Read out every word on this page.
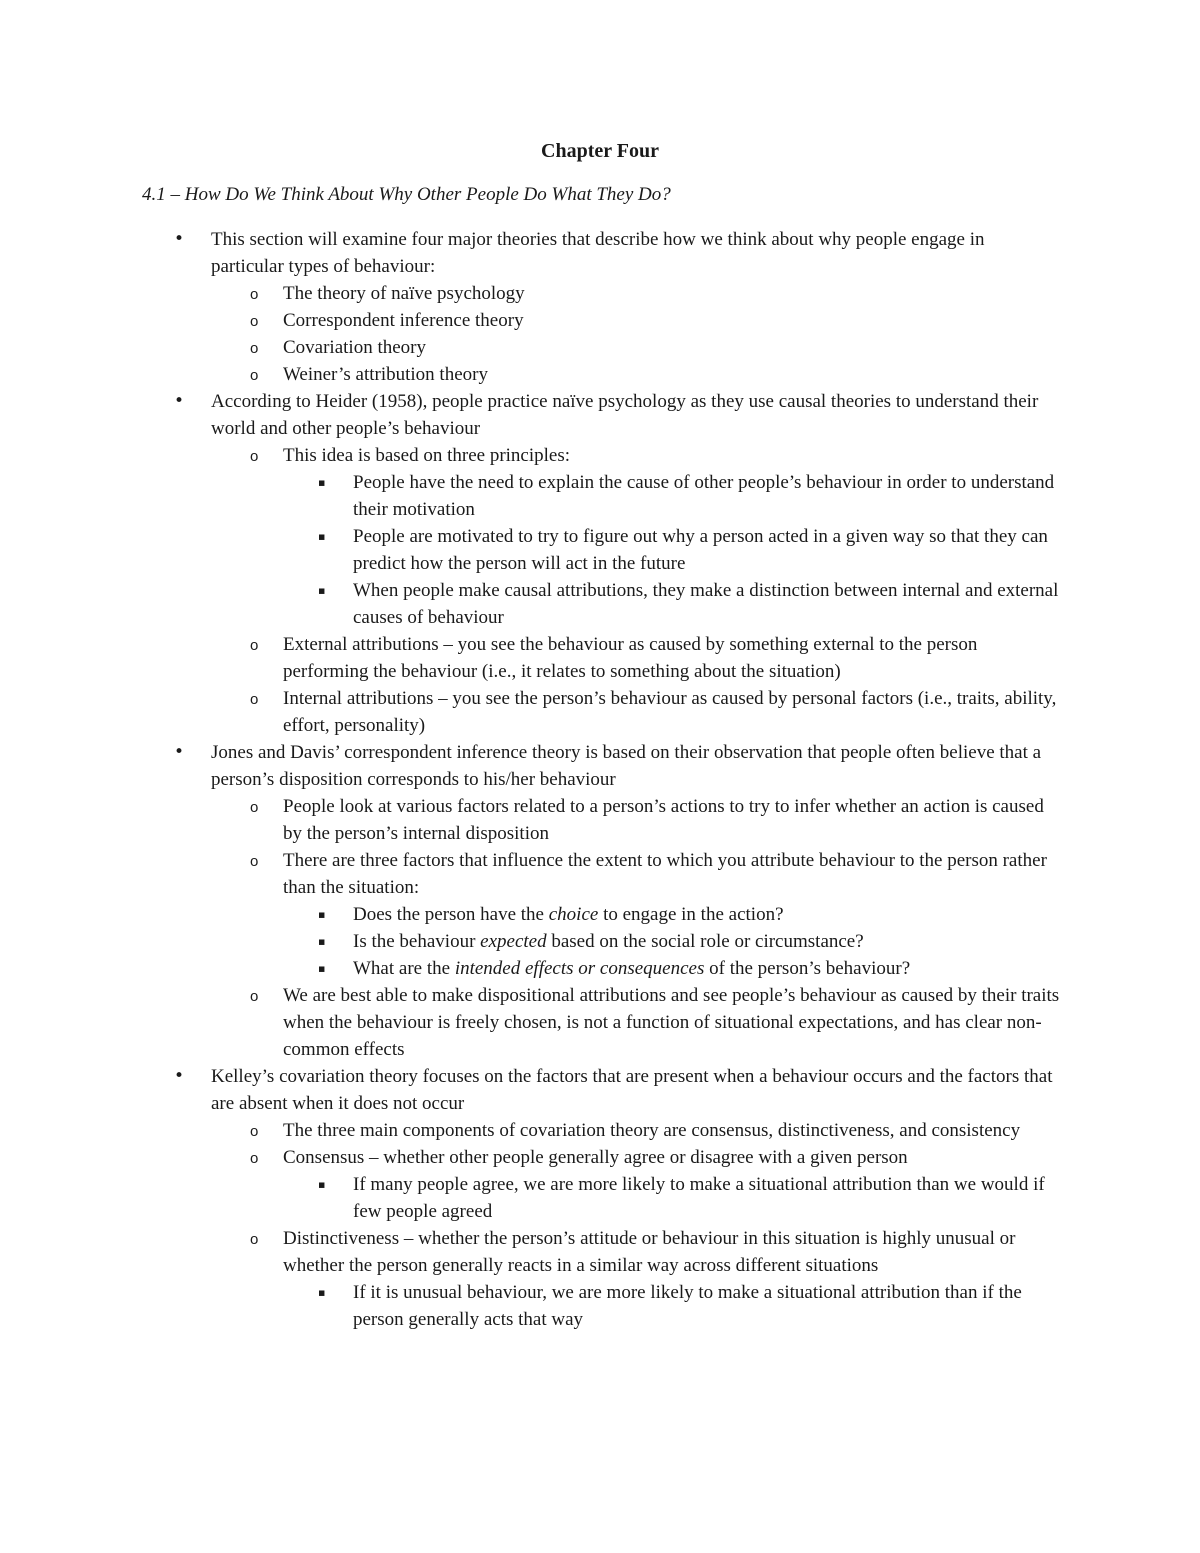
Chapter Four
4.1 – How Do We Think About Why Other People Do What They Do?
• This section will examine four major theories that describe how we think about why people engage in particular types of behaviour:
o The theory of naïve psychology
o Correspondent inference theory
o Covariation theory
o Weiner’s attribution theory
• According to Heider (1958), people practice naïve psychology as they use causal theories to understand their world and other people’s behaviour
o This idea is based on three principles:
▪ People have the need to explain the cause of other people’s behaviour in order to understand their motivation
▪ People are motivated to try to figure out why a person acted in a given way so that they can predict how the person will act in the future
▪ When people make causal attributions, they make a distinction between internal and external causes of behaviour
o External attributions – you see the behaviour as caused by something external to the person performing the behaviour (i.e., it relates to something about the situation)
o Internal attributions – you see the person’s behaviour as caused by personal factors (i.e., traits, ability, effort, personality)
• Jones and Davis’ correspondent inference theory is based on their observation that people often believe that a person’s disposition corresponds to his/her behaviour
o People look at various factors related to a person’s actions to try to infer whether an action is caused by the person’s internal disposition
o There are three factors that influence the extent to which you attribute behaviour to the person rather than the situation:
▪ Does the person have the choice to engage in the action?
▪ Is the behaviour expected based on the social role or circumstance?
▪ What are the intended effects or consequences of the person’s behaviour?
o We are best able to make dispositional attributions and see people’s behaviour as caused by their traits when the behaviour is freely chosen, is not a function of situational expectations, and has clear non-common effects
• Kelley’s covariation theory focuses on the factors that are present when a behaviour occurs and the factors that are absent when it does not occur
o The three main components of covariation theory are consensus, distinctiveness, and consistency
o Consensus – whether other people generally agree or disagree with a given person
▪ If many people agree, we are more likely to make a situational attribution than we would if few people agreed
o Distinctiveness – whether the person’s attitude or behaviour in this situation is highly unusual or whether the person generally reacts in a similar way across different situations
▪ If it is unusual behaviour, we are more likely to make a situational attribution than if the person generally acts that way
